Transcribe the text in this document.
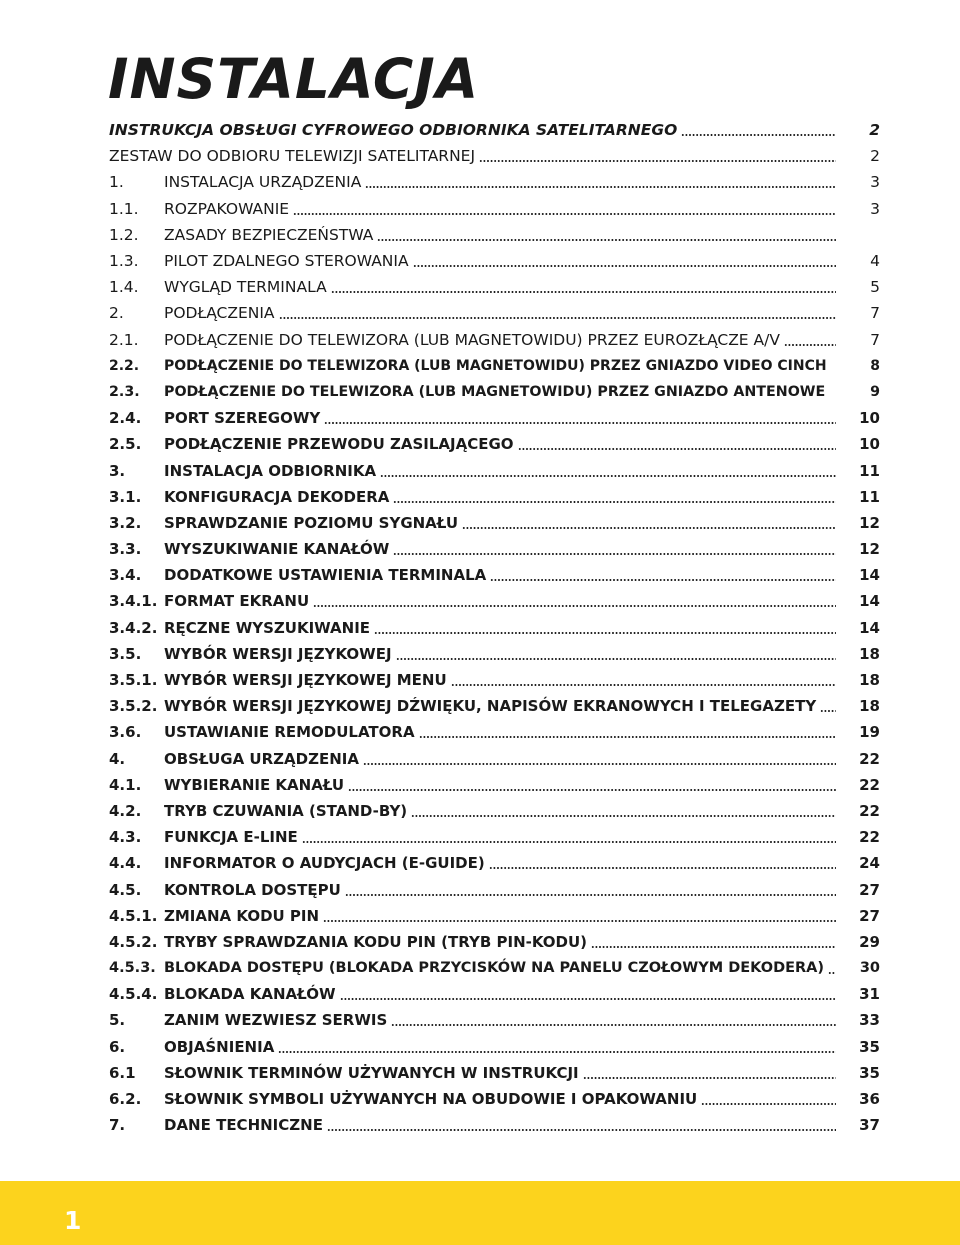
INSTALACJA
INSTRUKCJA OBSŁUGI CYFROWEGO ODBIORNIKA SATELITARNEGO	2
ZESTAW DO ODBIORU TELEWIZJI SATELITARNEJ	2
1.	INSTALACJA URZĄDZENIA	3
1.1.	ROZPAKOWANIE	3
1.2.	ZASADY BEZPIECZEŃSTWA
1.3.	PILOT ZDALNEGO STEROWANIA	4
1.4.	WYGLĄD TERMINALA	5
2.	PODŁĄCZENIA	7
2.1.	PODŁĄCZENIE DO TELEWIZORA (LUB MAGNETOWIDU) PRZEZ EUROZŁĄCZE A/V	7
2.2.	PODŁĄCZENIE DO TELEWIZORA (LUB MAGNETOWIDU) PRZEZ GNIAZDO VIDEO CINCH	8
2.3.	PODŁĄCZENIE DO TELEWIZORA (LUB MAGNETOWIDU) PRZEZ GNIAZDO ANTENOWE	9
2.4.	PORT SZEREGOWY	10
2.5.	PODŁĄCZENIE PRZEWODU ZASILAJĄCEGO	10
3.	INSTALACJA ODBIORNIKA	11
3.1.	KONFIGURACJA DEKODERA	11
3.2.	SPRAWDZANIE POZIOMU SYGNAŁU	12
3.3.	WYSZUKIWANIE KANAŁÓW	12
3.4.	DODATKOWE USTAWIENIA TERMINALA	14
3.4.1. FORMAT EKRANU	14
3.4.2. RĘCZNE WYSZUKIWANIE	14
3.5.	WYBÓR WERSJI JĘZYKOWEJ	18
3.5.1. WYBÓR WERSJI JĘZYKOWEJ MENU	18
3.5.2. WYBÓR WERSJI JĘZYKOWEJ DŹWIĘKU, NAPISÓW EKRANOWYCH I TELEGAZETY	18
3.6.	USTAWIANIE REMODULATORA	19
4.	OBSŁUGA URZĄDZENIA	22
4.1.	WYBIERANIE KANAŁU	22
4.2.	TRYB CZUWANIA (STAND-BY)	22
4.3.	FUNKCJA E-LINE	22
4.4.	INFORMATOR O AUDYCJACH (E-GUIDE)	24
4.5.	KONTROLA DOSTĘPU	27
4.5.1. ZMIANA KODU PIN	27
4.5.2. TRYBY SPRAWDZANIA KODU PIN (TRYB PIN-KODU)	29
4.5.3. BLOKADA DOSTĘPU (BLOKADA PRZYCISKÓW NA PANELU CZOŁOWYM DEKODERA)	30
4.5.4. BLOKADA KANAŁÓW	31
5.	ZANIM WEZWIESZ SERWIS	33
6.	OBJAŚNIENIA	35
6.1	SŁOWNIK TERMINÓW UŻYWANYCH W INSTRUKCJI	35
6.2.	SŁOWNIK SYMBOLI UŻYWANYCH NA OBUDOWIE I OPAKOWANIU	36
7.	DANE TECHNICZNE	37
1
